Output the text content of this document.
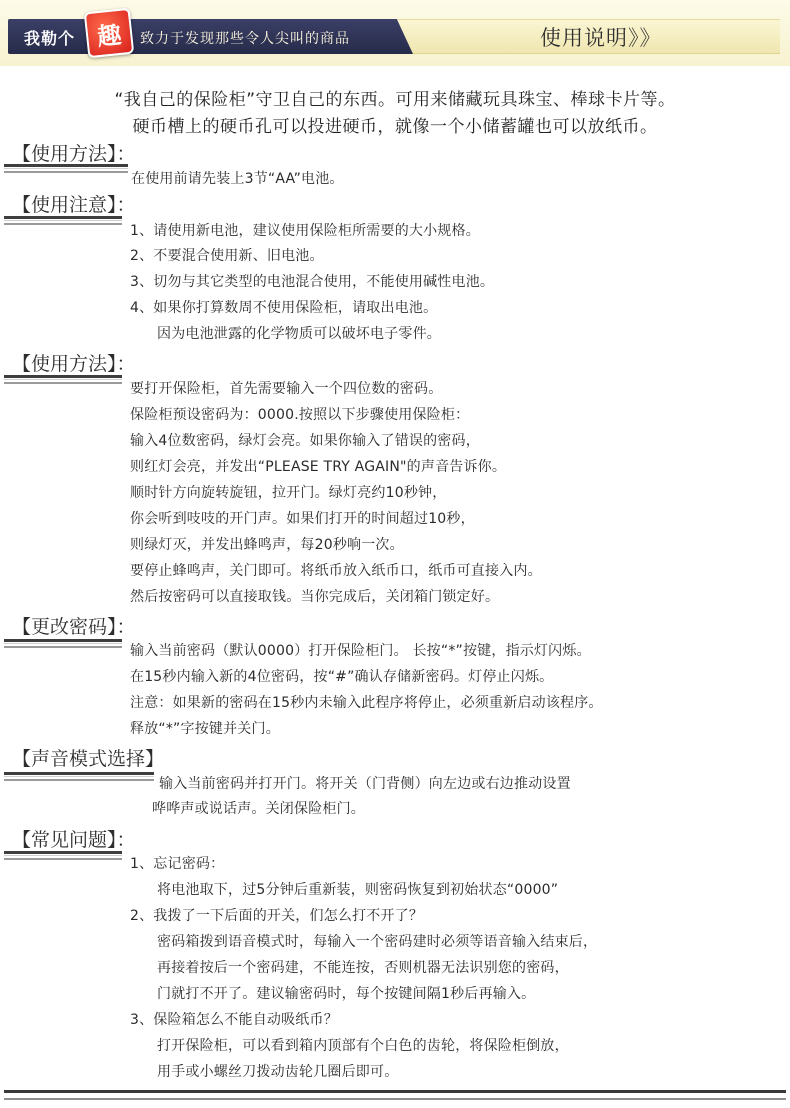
我勒个 趣 致力于发现那些令人尖叫的商品	使用说明》》
“我自己的保险柜”守卫自己的东西。可用来储藏玩具珠宝、棒球卡片等。
硬币槽上的硬币孔可以投进硬币，就像一个小储蓄罐也可以放纸币。
【使用方法】：
在使用前请先装上3节“AA”电池。
【使用注意】：
1、请使用新电池，建议使用保险柜所需要的大小规格。
2、不要混合使用新、旧电池。
3、切勿与其它类型的电池混合使用，不能使用碱性电池。
4、如果你打算数周不使用保险柜，请取出电池。
因为电池泄露的化学物质可以破坏电子零件。
【使用方法】：
要打开保险柜，首先需要输入一个四位数的密码。
保险柜预设密码为：0000.按照以下步骤使用保险柜：
输入4位数密码，绿灯会亮。如果你输入了错误的密码，
则红灯会亮，并发出“PLEASE TRY AGAIN"的声音告诉你。
顺时针方向旋转旋钮，拉开门。绿灯亮约10秒钟，
你会听到吱吱的开门声。如果们打开的时间超过10秒，
则绿灯灭，并发出蜂鸣声，每20秒响一次。
要停止蜂鸣声，关门即可。将纸币放入纸币口，纸币可直接入内。
然后按密码可以直接取钱。当你完成后，关闭箱门锁定好。
【更改密码】：
输入当前密码（默认0000）打开保险柜门。 长按“*”按键，指示灯闪烁。
在15秒内输入新的4位密码，按“#”确认存储新密码。灯停止闪烁。
注意：如果新的密码在15秒内未输入此程序将停止，必须重新启动该程序。
释放“*”字按键并关门。
【声音模式选择】
输入当前密码并打开门。将开关（门背侧）向左边或右边推动设置
哗哗声或说话声。关闭保险柜门。
【常见问题】：
1、忘记密码：
将电池取下，过5分钟后重新装，则密码恢复到初始状态“0000”
2、我拨了一下后面的开关，们怎么打不开了？
密码箱拨到语音模式时，每输入一个密码建时必须等语音输入结束后，
再接着按后一个密码建，不能连按，否则机器无法识别您的密码，
门就打不开了。建议输密码时，每个按键间隔1秒后再输入。
3、保险箱怎么不能自动吸纸币？
打开保险柜，可以看到箱内顶部有个白色的齿轮，将保险柜倒放，
用手或小螺丝刀拨动齿轮几圈后即可。
